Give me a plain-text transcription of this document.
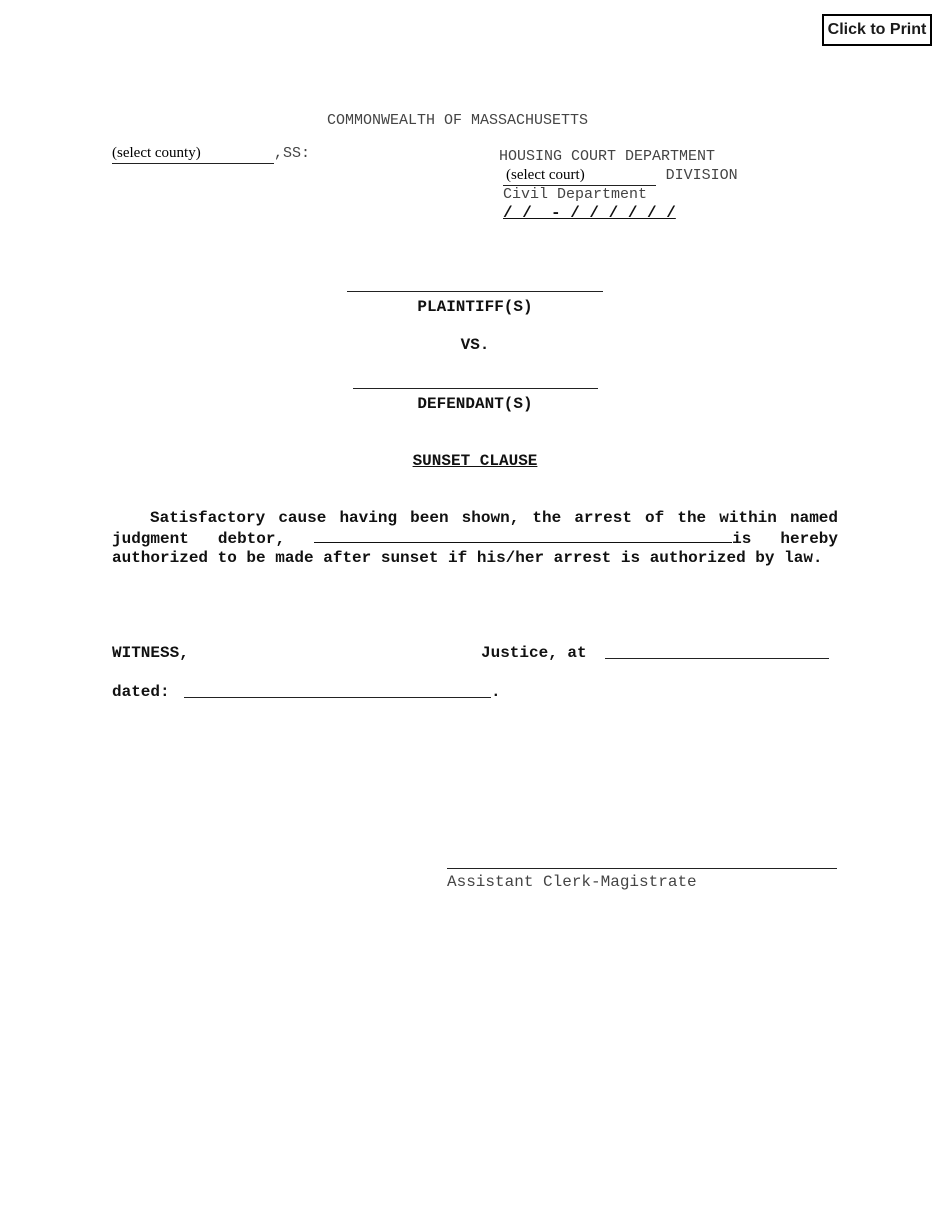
Click to Print
COMMONWEALTH OF MASSACHUSETTS
(select county)	,SS:	HOUSING COURT DEPARTMENT
(select court)	DIVISION
Civil Department
/ /  - / / / / / /
PLAINTIFF(S)
VS.
DEFENDANT(S)
SUNSET CLAUSE
Satisfactory cause having been shown, the arrest of the within named judgment debtor,	is hereby authorized to be made after sunset if his/her arrest is authorized by law.
WITNESS,	Justice, at
dated:	.
Assistant Clerk-Magistrate
